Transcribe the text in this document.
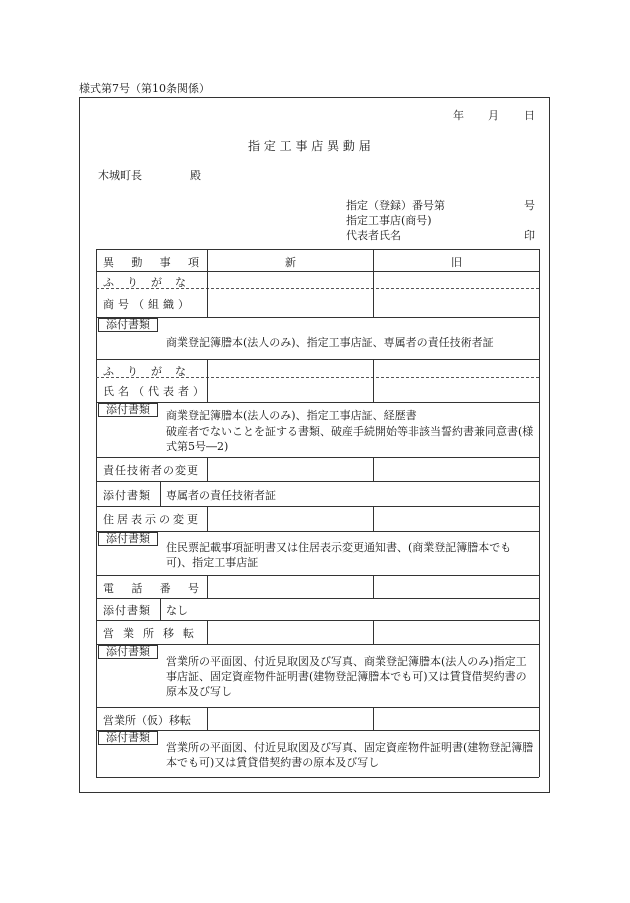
様式第7号（第10条関係）
年 月 日
指 定 工 事 店 異 動 届
木城町長	殿
指定（登録）番号第	号
指定工事店(商号)
代表者氏名	印
異 動 事 項	新	旧
ふりがな
商号（組織）
添付書類
商業登記簿謄本(法人のみ)、指定工事店証、専属者の責任技術者証
ふりがな
氏名（代表者）
添付書類	商業登記簿謄本(法人のみ)、指定工事店証、経歴書
破産者でないことを証する書類、破産手続開始等非該当誓約書兼同意書(様式第5号―2)
責任技術者の変更
添付書類 専属者の責任技術者証
住居表示の変更
添付書類
住民票記載事項証明書又は住居表示変更通知書、(商業登記簿謄本でも可)、指定工事店証
電 話 番 号
添付書類 なし
営業所移転
添付書類
営業所の平面図、付近見取図及び写真、商業登記簿謄本(法人のみ)指定工事店証、固定資産物件証明書(建物登記簿謄本でも可)又は賃貸借契約書の原本及び写し
営業所（仮）移転
添付書類
営業所の平面図、付近見取図及び写真、固定資産物件証明書(建物登記簿謄本でも可)又は賃貸借契約書の原本及び写し
